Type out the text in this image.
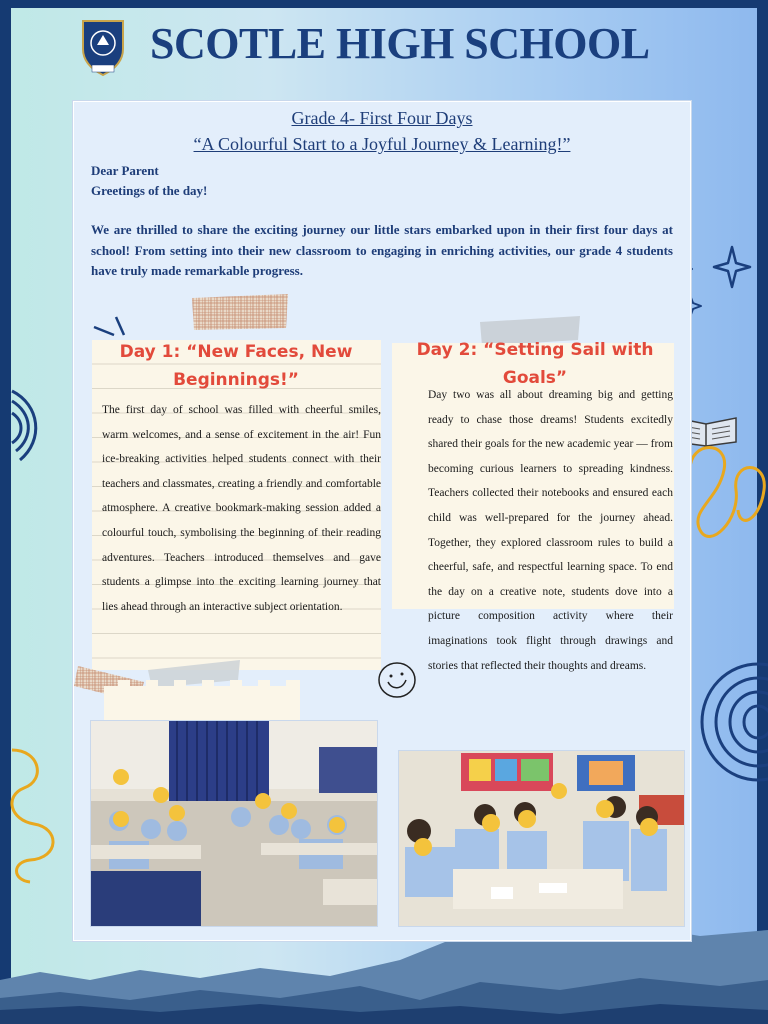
SCOTLE HIGH SCHOOL
Grade 4- First Four Days
“A Colourful Start to a Joyful Journey & Learning!”
Dear Parent
Greetings of the day!
We are thrilled to share the exciting journey our little stars embarked upon in their first four days at school! From setting into their new classroom to engaging in enriching activities, our grade 4 students have truly made remarkable progress.
Day 1: “New Faces, New Beginnings!”
The first day of school was filled with cheerful smiles, warm welcomes, and a sense of excitement in the air! Fun ice-breaking activities helped students connect with their teachers and classmates, creating a friendly and comfortable atmosphere. A creative bookmark-making session added a colourful touch, symbolising the beginning of their reading adventures. Teachers introduced themselves and gave students a glimpse into the exciting learning journey that lies ahead through an interactive subject orientation.
Day 2: “Setting Sail with Goals”
Day two was all about dreaming big and getting ready to chase those dreams! Students excitedly shared their goals for the new academic year — from becoming curious learners to spreading kindness. Teachers collected their notebooks and ensured each child was well-prepared for the journey ahead. Together, they explored classroom rules to build a cheerful, safe, and respectful learning space. To end the day on a creative note, students dove into a picture composition activity where their imaginations took flight through drawings and stories that reflected their thoughts and dreams.
